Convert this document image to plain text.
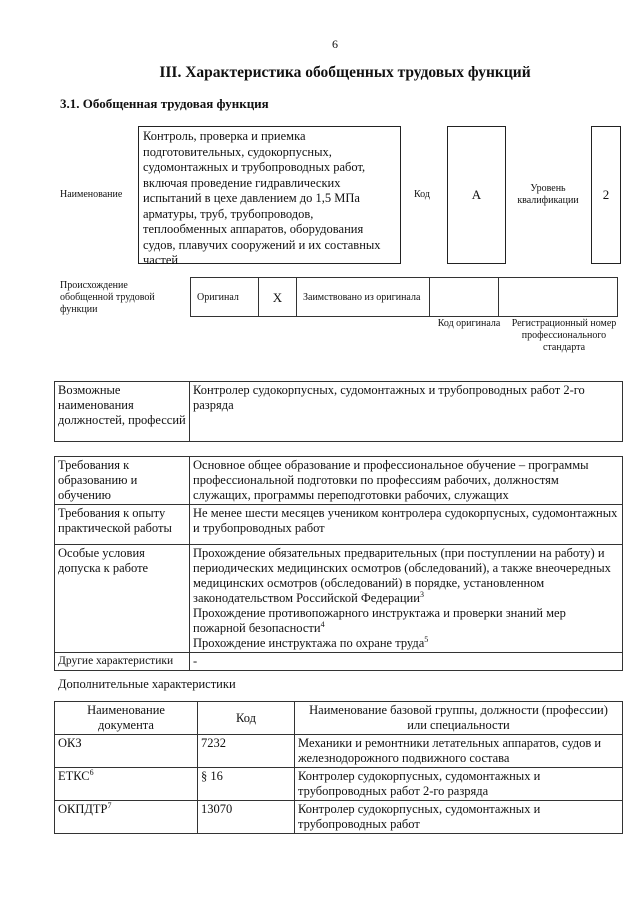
6
III. Характеристика обобщенных трудовых функций
3.1. Обобщенная трудовая функция
Наименование
Контроль, проверка и приемка подготовительных, судокорпусных, судомонтажных и трубопроводных работ, включая проведение гидравлических испытаний в цехе давлением до 1,5 МПа арматуры, труб, трубопроводов, теплообменных аппаратов, оборудования судов, плавучих сооружений и их составных частей
Код	A	Уровень квалификации	2
Происхождение обобщенной трудовой функции
Оригинал	X	Заимствовано из оригинала		
Код оригинала	Регистрационный номер профессионального стандарта
Возможные наименования должностей, профессий	Контролер судокорпусных, судомонтажных и трубопроводных работ 2-го разряда
Требования к образованию и обучению	Основное общее образование и профессиональное обучение – программы профессиональной подготовки по профессиям рабочих, должностям служащих, программы переподготовки рабочих, служащих
Требования к опыту практической работы	Не менее шести месяцев учеником контролера судокорпусных, судомонтажных и трубопроводных работ
Особые условия допуска к работе	Прохождение обязательных предварительных (при поступлении на работу) и периодических медицинских осмотров (обследований), а также внеочередных медицинских осмотров (обследований) в порядке, установленном законодательством Российской Федерации$^3$
Прохождение противопожарного инструктажа и проверки знаний мер пожарной безопасности$^4$
Прохождение инструктажа по охране труда$^5$

Другие характеристики	-
Дополнительные характеристики
Наименование документа	Код	Наименование базовой группы, должности (профессии) или специальности
ОКЗ	7232	Механики и ремонтники летательных аппаратов, судов и железнодорожного подвижного состава
ЕТКС$^6$	§ 16	Контролер судокорпусных, судомонтажных и трубопроводных работ 2-го разряда
ОКПДТР$^7$	13070	Контролер судокорпусных, судомонтажных и трубопроводных работ
